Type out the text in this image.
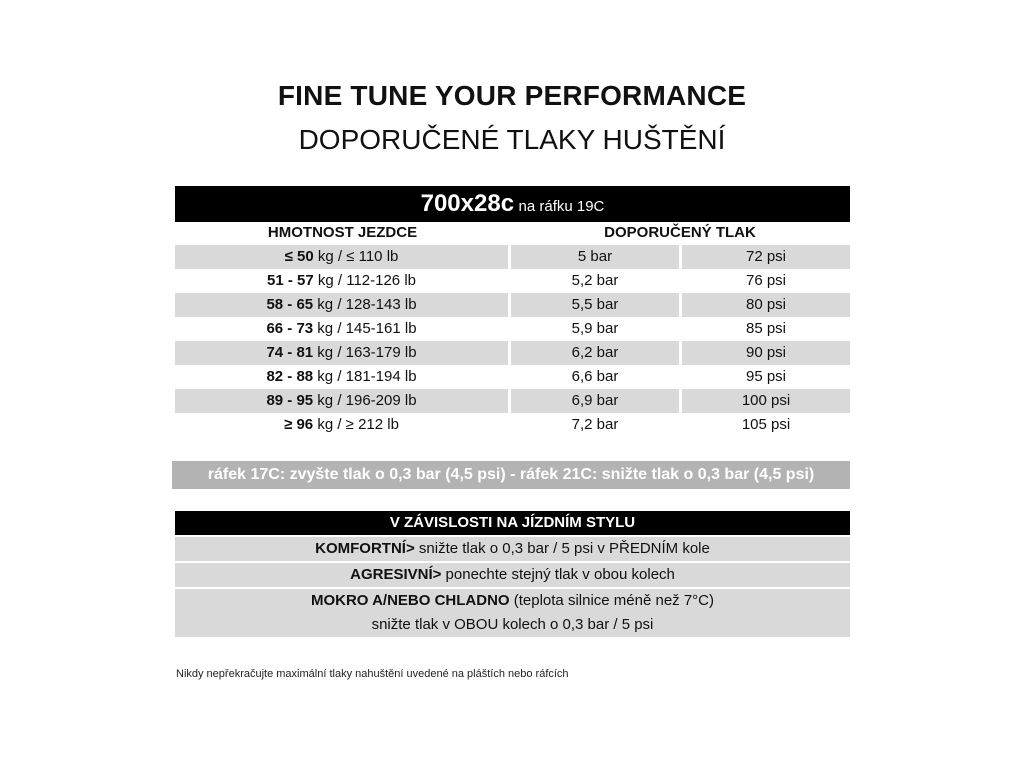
FINE TUNE YOUR PERFORMANCE
DOPORUČENÉ TLAKY HUŠTĚNÍ
700x28c na ráfku 19C
HMOTNOST JEZDCE	DOPORUČENÝ TLAK
≤ 50 kg / ≤ 110 lb	5 bar	72 psi
51 - 57 kg / 112-126 lb	5,2 bar	76 psi
58 - 65 kg / 128-143 lb	5,5 bar	80 psi
66 - 73 kg / 145-161 lb	5,9 bar	85 psi
74 - 81 kg / 163-179 lb	6,2 bar	90 psi
82 - 88 kg / 181-194 lb	6,6 bar	95 psi
89 - 95 kg / 196-209 lb	6,9 bar	100 psi
≥ 96 kg / ≥ 212 lb	7,2 bar	105 psi
ráfek 17C: zvyšte tlak o 0,3 bar (4,5 psi) - ráfek 21C: snižte tlak o 0,3 bar (4,5 psi)
V ZÁVISLOSTI NA JÍZDNÍM STYLU
KOMFORTNÍ> snižte tlak o 0,3 bar / 5 psi v PŘEDNÍM kole
AGRESIVNÍ> ponechte stejný tlak v obou kolech
MOKRO A/NEBO CHLADNO (teplota silnice méně než 7°C)
snižte tlak v OBOU kolech o 0,3 bar / 5 psi
Nikdy nepřekračujte maximální tlaky nahuštění uvedené na pláštích nebo ráfcích
